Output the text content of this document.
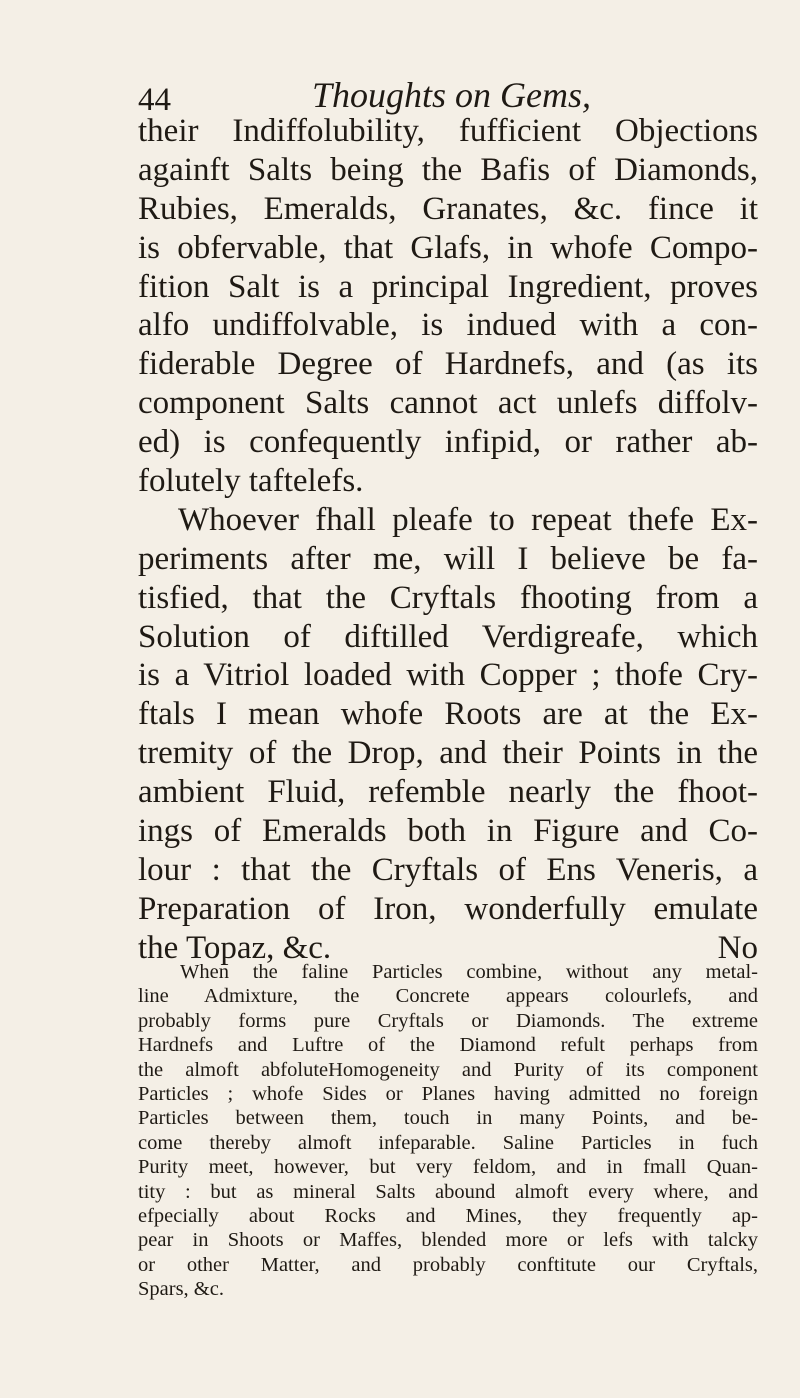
44	Thoughts on Gems,
their Indiffolubility, fufficient Objections
againft Salts being the Bafis of Diamonds,
Rubies, Emeralds, Granates, &c. fince it
is obfervable, that Glafs, in whofe Compo-
fition Salt is a principal Ingredient, proves
alfo undiffolvable, is indued with a con-
fiderable Degree of Hardnefs, and (as its
component Salts cannot act unlefs diffolv-
ed) is confequently infipid, or rather ab-
folutely taftelefs.
Whoever fhall pleafe to repeat thefe Ex-
periments after me, will I believe be fa-
tisfied, that the Cryftals fhooting from a
Solution of diftilled Verdigreafe, which
is a Vitriol loaded with Copper ; thofe Cry-
ftals I mean whofe Roots are at the Ex-
tremity of the Drop, and their Points in the
ambient Fluid, refemble nearly the fhoot-
ings of Emeralds both in Figure and Co-
lour : that the Cryftals of Ens Veneris, a
Preparation of Iron, wonderfully emulate
the Topaz, &c.	No
When the faline Particles combine, without any metal-
line Admixture, the Concrete appears colourlefs, and
probably forms pure Cryftals or Diamonds. The extreme
Hardnefs and Luftre of the Diamond refult perhaps from
the almoft abfoluteHomogeneity and Purity of its component
Particles ; whofe Sides or Planes having admitted no foreign
Particles between them, touch in many Points, and be-
come thereby almoft infeparable. Saline Particles in fuch
Purity meet, however, but very feldom, and in fmall Quan-
tity : but as mineral Salts abound almoft every where, and
efpecially about Rocks and Mines, they frequently ap-
pear in Shoots or Maffes, blended more or lefs with talcky
or other Matter, and probably conftitute our Cryftals,
Spars, &c.
